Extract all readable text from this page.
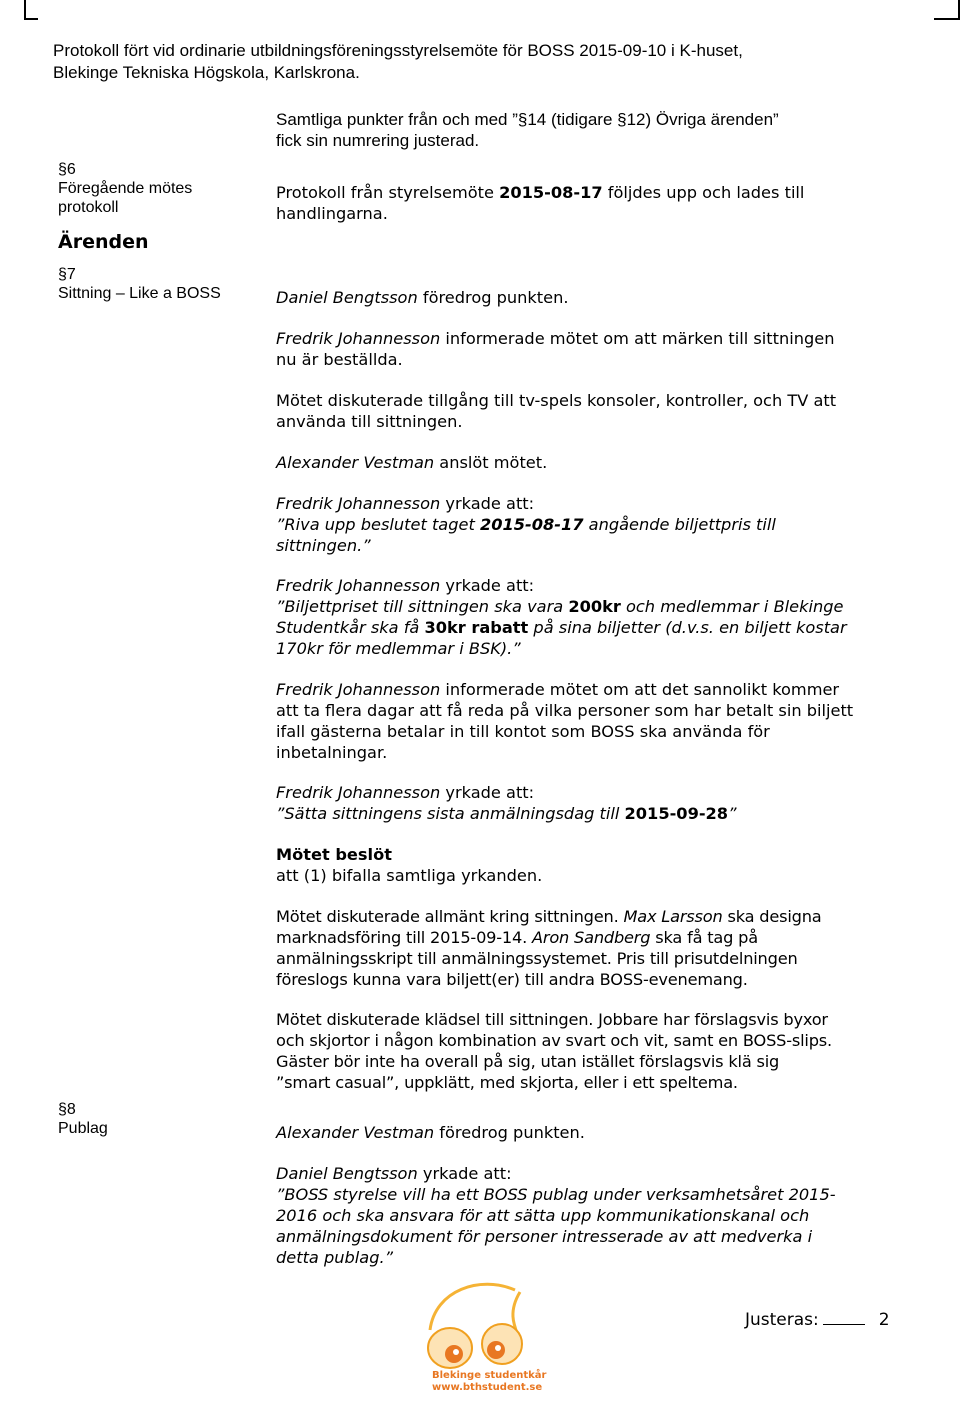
Protokoll fört vid ordinarie utbildningsföreningsstyrelsemöte för BOSS 2015-09-10 i K-huset,
Blekinge Tekniska Högskola, Karlskrona.
§6
Föregående mötes
protokoll
Ärenden
§7
Sittning – Like a BOSS
§8
Publag
Samtliga punkter från och med ”§14 (tidigare §12) Övriga ärenden”
fick sin numrering justerad.
Protokoll från styrelsemöte 2015-08-17 följdes upp och lades till
handlingarna.
Daniel Bengtsson föredrog punkten.
Fredrik Johannesson informerade mötet om att märken till sittningen
nu är beställda.
Mötet diskuterade tillgång till tv-spels konsoler, kontroller, och TV att
använda till sittningen.
Alexander Vestman anslöt mötet.
Fredrik Johannesson yrkade att:
”Riva upp beslutet taget 2015-08-17 angående biljettpris till
sittningen.”
Fredrik Johannesson yrkade att:
”Biljettpriset till sittningen ska vara 200kr och medlemmar i Blekinge
Studentkår ska få 30kr rabatt på sina biljetter (d.v.s. en biljett kostar
170kr för medlemmar i BSK).”
Fredrik Johannesson informerade mötet om att det sannolikt kommer
att ta flera dagar att få reda på vilka personer som har betalt sin biljett
ifall gästerna betalar in till kontot som BOSS ska använda för
inbetalningar.
Fredrik Johannesson yrkade att:
”Sätta sittningens sista anmälningsdag till 2015-09-28”
Mötet beslöt
att (1) bifalla samtliga yrkanden.
Mötet diskuterade allmänt kring sittningen. Max Larsson ska designa
marknadsföring till 2015-09-14. Aron Sandberg ska få tag på
anmälningsskript till anmälningssystemet. Pris till prisutdelningen
föreslogs kunna vara biljett(er) till andra BOSS-evenemang.
Mötet diskuterade klädsel till sittningen. Jobbare har förslagsvis byxor
och skjortor i någon kombination av svart och vit, samt en BOSS-slips.
Gäster bör inte ha overall på sig, utan istället förslagsvis klä sig
”smart casual”, uppklätt, med skjorta, eller i ett speltema.
Alexander Vestman föredrog punkten.
Daniel Bengtsson yrkade att:
”BOSS styrelse vill ha ett BOSS publag under verksamhetsåret 2015-
2016 och ska ansvara för att sätta upp kommunikationskanal och
anmälningsdokument för personer intresserade av att medverka i
detta publag.”
Blekinge studentkår
www.bthstudent.se
Justeras:	2
